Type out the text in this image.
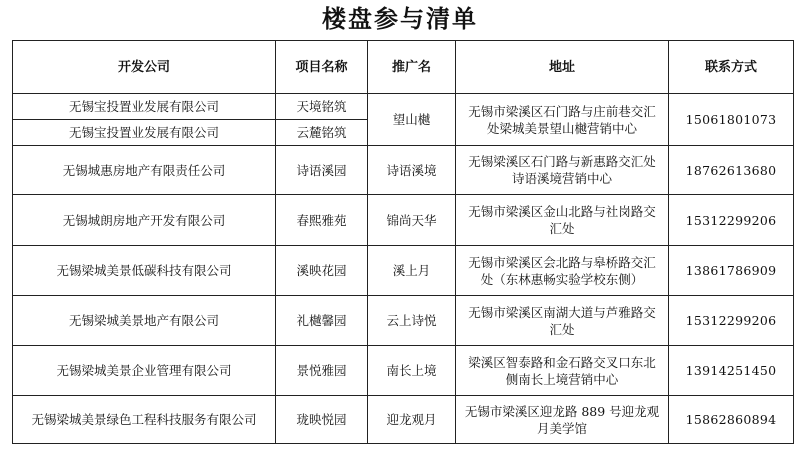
楼盘参与清单
开发公司	项目名称	推广名	地址	联系方式
无锡宝投置业发展有限公司	天境铭筑	望山樾	无锡市梁溪区石门路与庄前巷交汇处梁城美景望山樾营销中心	15061801073
无锡宝投置业发展有限公司	云麓铭筑			
无锡城惠房地产有限责任公司	诗语溪园	诗语溪境	无锡梁溪区石门路与新惠路交汇处诗语溪境营销中心	18762613680
无锡城朗房地产开发有限公司	春熙雅苑	锦尚天华	无锡市梁溪区金山北路与社岗路交汇处	15312299206
无锡梁城美景低碳科技有限公司	溪映花园	溪上月	无锡市梁溪区会北路与皋桥路交汇处（东林惠畅实验学校东侧）	13861786909
无锡梁城美景地产有限公司	礼樾馨园	云上诗悦	无锡市梁溪区南湖大道与芦雅路交汇处	15312299206
无锡梁城美景企业管理有限公司	景悦雅园	南长上境	梁溪区智泰路和金石路交叉口东北侧南长上境营销中心	13914251450
无锡梁城美景绿色工程科技服务有限公司	珑映悦园	迎龙观月	无锡市梁溪区迎龙路 889 号迎龙观月美学馆	15862860894
